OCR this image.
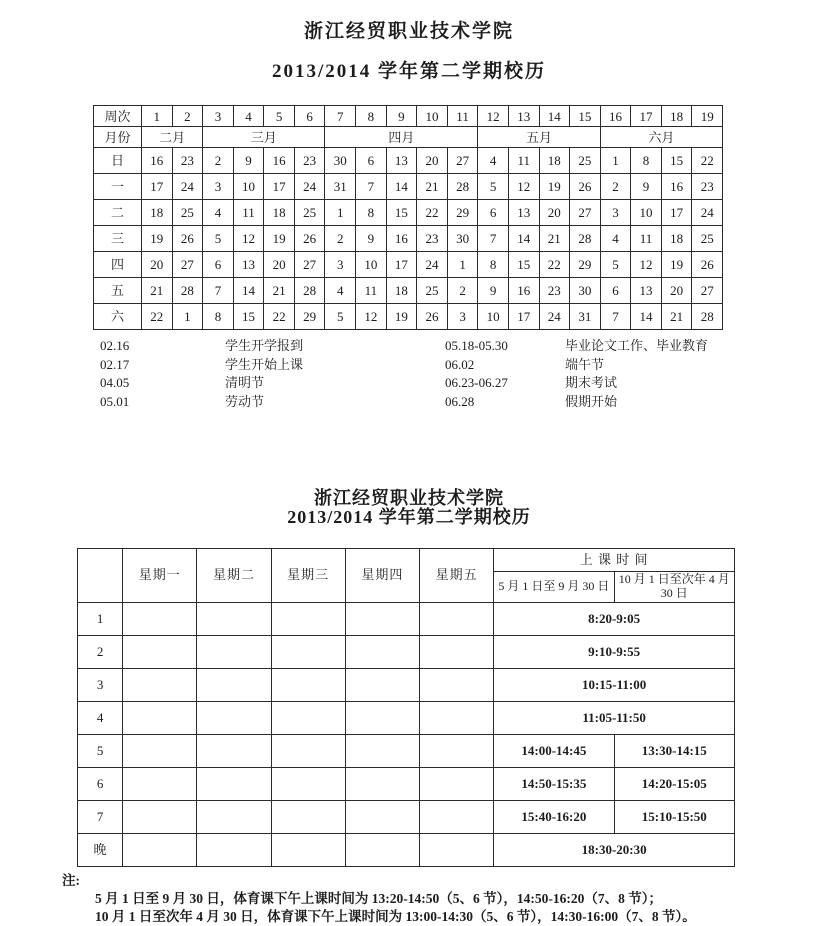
浙江经贸职业技术学院
2013/2014 学年第二学期校历
周次	1	2	3	4	5	6	7	8	9	10	11	12	13	14	15	16	17	18	19
月份	二月		三月				四月					五月				六月			
日	16	23	2	9	16	23	30	6	13	20	27	4	11	18	25	1	8	15	22
一	17	24	3	10	17	24	31	7	14	21	28	5	12	19	26	2	9	16	23
二	18	25	4	11	18	25	1	8	15	22	29	6	13	20	27	3	10	17	24
三	19	26	5	12	19	26	2	9	16	23	30	7	14	21	28	4	11	18	25
四	20	27	6	13	20	27	3	10	17	24	1	8	15	22	29	5	12	19	26
五	21	28	7	14	21	28	4	11	18	25	2	9	16	23	30	6	13	20	27
六	22	1	8	15	22	29	5	12	19	26	3	10	17	24	31	7	14	21	28
02.16	学生开学报到	05.18-05.30	毕业论文工作、毕业教育
02.17	学生开始上课	06.02	端午节
04.05	清明节	06.23-06.27	期末考试
05.01	劳动节	06.28	假期开始
浙江经贸职业技术学院
2013/2014 学年第二学期校历
	星期一	星期二	星期三	星期四	星期五	上 课 时 间	
						5 月 1 日至 9 月 30 日	10 月 1 日至次年 4 月 30 日
1						8:20-9:05	
2						9:10-9:55	
3						10:15-11:00	
4						11:05-11:50	
5						14:00-14:45	13:30-14:15
6						14:50-15:35	14:20-15:05
7						15:40-16:20	15:10-15:50
晚						18:30-20:30	
注:
5 月 1 日至 9 月 30 日，体育课下午上课时间为 13:20-14:50（5、6 节），14:50-16:20（7、8 节）；
10 月 1 日至次年 4 月 30 日，体育课下午上课时间为 13:00-14:30（5、6 节），14:30-16:00（7、8 节）。
